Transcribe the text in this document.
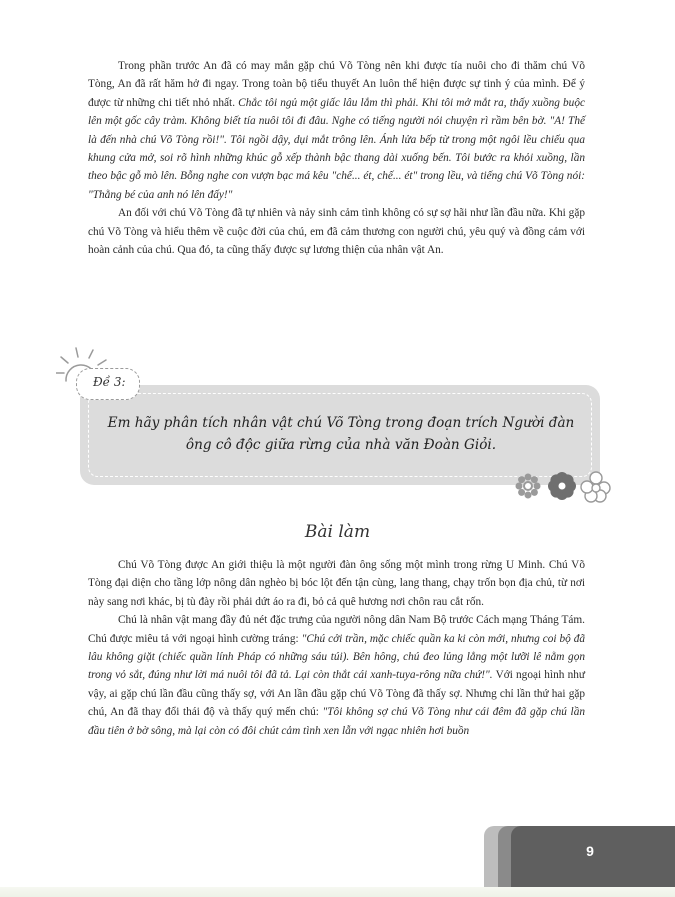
Trong phần trước An đã có may mắn gặp chú Võ Tòng nên khi được tía nuôi cho đi thăm chú Võ Tòng, An đã rất hăm hở đi ngay. Trong toàn bộ tiểu thuyết An luôn thể hiện được sự tinh ý của mình. Để ý được từ những chi tiết nhỏ nhất. Chắc tôi ngủ một giấc lâu lắm thì phải. Khi tôi mở mắt ra, thấy xuồng buộc lên một gốc cây tràm. Không biết tía nuôi tôi đi đâu. Nghe có tiếng người nói chuyện rì rầm bên bờ. "A! Thế là đến nhà chú Võ Tòng rồi!". Tôi ngồi dậy, dụi mắt trông lên. Ánh lửa bếp từ trong một ngôi lều chiếu qua khung cửa mở, soi rõ hình những khúc gỗ xếp thành bậc thang dài xuống bến. Tôi bước ra khỏi xuồng, lần theo bậc gỗ mò lên. Bỗng nghe con vượn bạc má kêu "chế... ét, chế... ét" trong lều, và tiếng chú Võ Tòng nói: "Thằng bé của anh nó lên đấy!"

An đối với chú Võ Tòng đã tự nhiên và nảy sinh cảm tình không có sự sợ hãi như lần đầu nữa. Khi gặp chú Võ Tòng và hiểu thêm về cuộc đời của chú, em đã cảm thương con người chú, yêu quý và đồng cảm với hoàn cảnh của chú. Qua đó, ta cũng thấy được sự lương thiện của nhân vật An.

Đề 3:
Em hãy phân tích nhân vật chú Võ Tòng trong đoạn trích Người đàn ông cô độc giữa rừng của nhà văn Đoàn Giỏi.
Bài làm

Chú Võ Tòng được An giới thiệu là một người đàn ông sống một mình trong rừng U Minh. Chú Võ Tòng đại diện cho tầng lớp nông dân nghèo bị bóc lột đến tận cùng, lang thang, chạy trốn bọn địa chủ, từ nơi này sang nơi khác, bị tù đày rồi phải dứt áo ra đi, bỏ cả quê hương nơi chôn rau cắt rốn.

Chú là nhân vật mang đầy đủ nét đặc trưng của người nông dân Nam Bộ trước Cách mạng Tháng Tám. Chú được miêu tả với ngoại hình cường tráng: "Chú cởi trần, mặc chiếc quần ka ki còn mới, nhưng coi bộ đã lâu không giặt (chiếc quần lính Pháp có những sáu túi). Bên hông, chú đeo lủng lẳng một lưỡi lê nằm gọn trong vỏ sắt, đúng như lời má nuôi tôi đã tả. Lại còn thắt cái xanh-tuya-rông nữa chứ!". Với ngoại hình như vậy, ai gặp chú lần đầu cũng thấy sợ, với An lần đầu gặp chú Võ Tòng đã thấy sợ. Nhưng chỉ lần thứ hai gặp chú, An đã thay đổi thái độ và thấy quý mến chú: "Tôi không sợ chú Võ Tòng như cái đêm đã gặp chú lần đầu tiên ở bờ sông, mà lại còn có đôi chút cảm tình xen lẫn với ngạc nhiên hơi buồn

9
